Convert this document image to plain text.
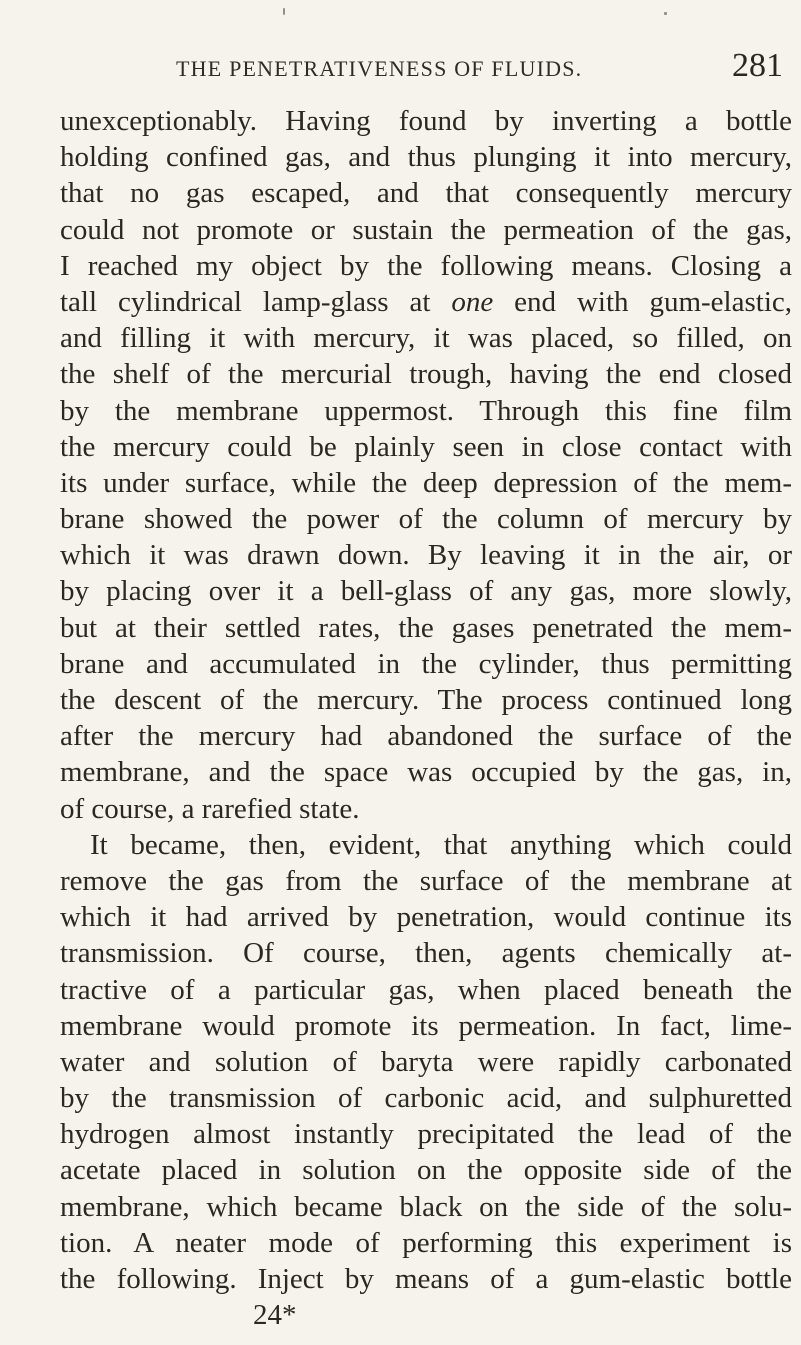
THE PENETRATIVENESS OF FLUIDS.	281
unexceptionably. Having found by inverting a bottle
holding confined gas, and thus plunging it into mercury,
that no gas escaped, and that consequently mercury
could not promote or sustain the permeation of the gas,
I reached my object by the following means. Closing a
tall cylindrical lamp-glass at one end with gum-elastic,
and filling it with mercury, it was placed, so filled, on
the shelf of the mercurial trough, having the end closed
by the membrane uppermost. Through this fine film
the mercury could be plainly seen in close contact with
its under surface, while the deep depression of the mem-
brane showed the power of the column of mercury by
which it was drawn down. By leaving it in the air, or
by placing over it a bell-glass of any gas, more slowly,
but at their settled rates, the gases penetrated the mem-
brane and accumulated in the cylinder, thus permitting
the descent of the mercury. The process continued long
after the mercury had abandoned the surface of the
membrane, and the space was occupied by the gas, in,
of course, a rarefied state.
It became, then, evident, that anything which could
remove the gas from the surface of the membrane at
which it had arrived by penetration, would continue its
transmission. Of course, then, agents chemically at-
tractive of a particular gas, when placed beneath the
membrane would promote its permeation. In fact, lime-
water and solution of baryta were rapidly carbonated
by the transmission of carbonic acid, and sulphuretted
hydrogen almost instantly precipitated the lead of the
acetate placed in solution on the opposite side of the
membrane, which became black on the side of the solu-
tion. A neater mode of performing this experiment is
the following. Inject by means of a gum-elastic bottle
24*
